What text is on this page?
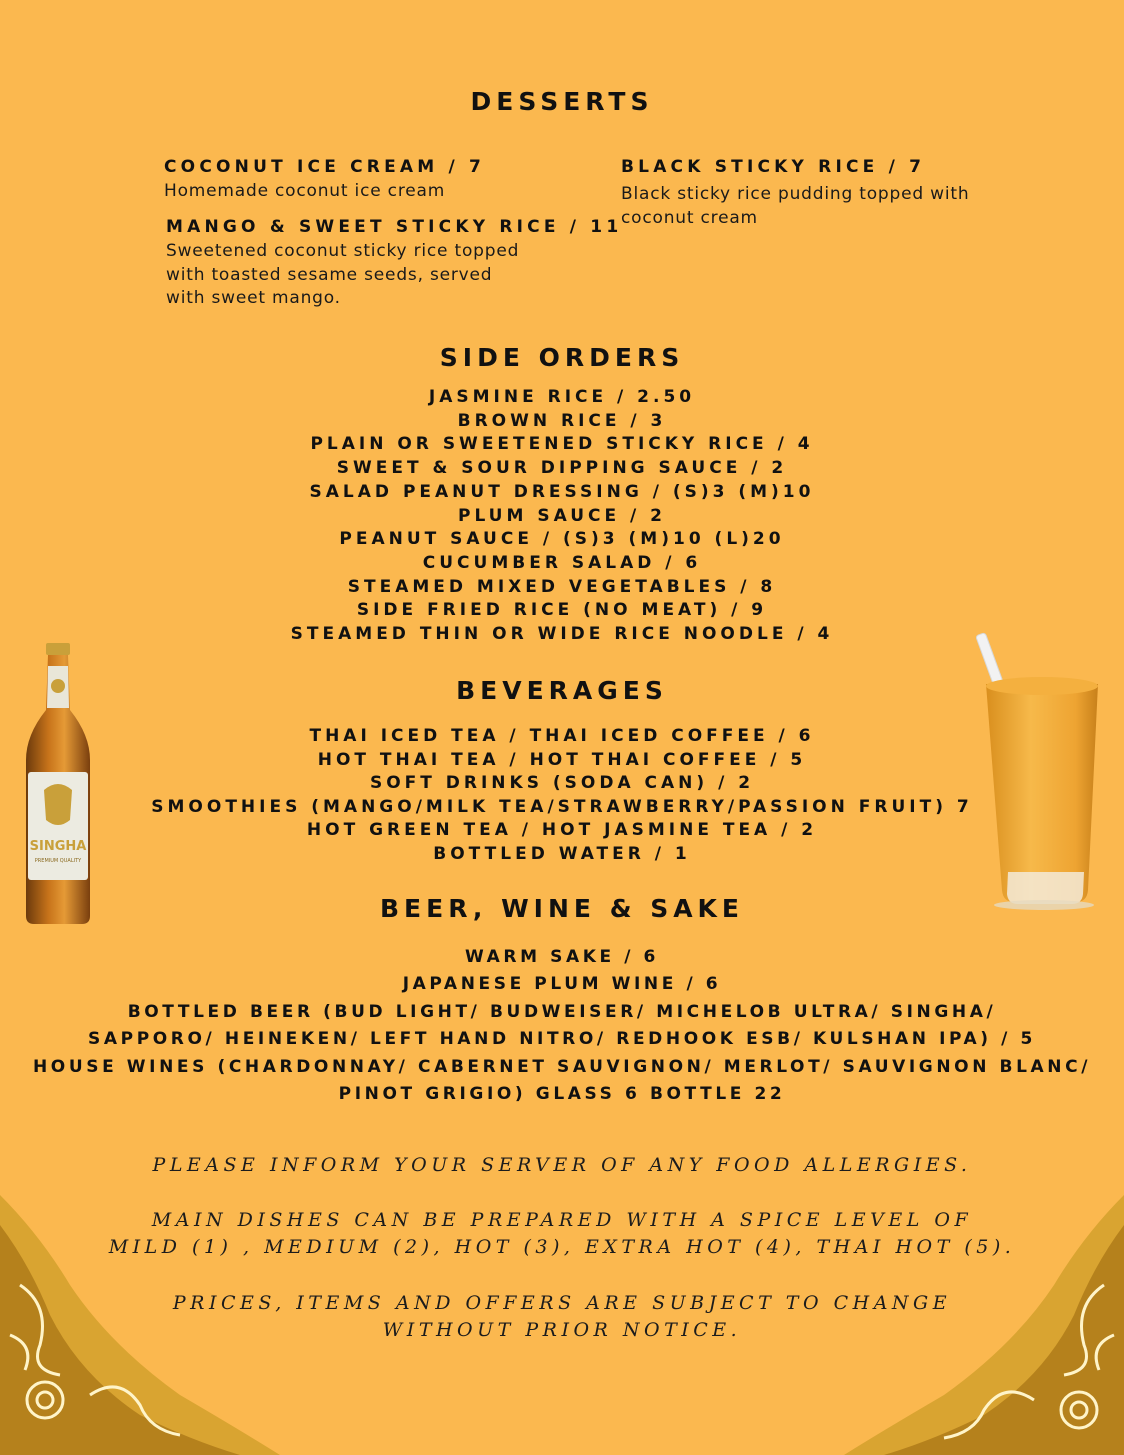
DESSERTS
COCONUT ICE CREAM / 7
Homemade coconut ice cream
MANGO & SWEET STICKY RICE / 11
Sweetened coconut sticky rice topped
with toasted sesame seeds, served
with sweet mango.
BLACK STICKY RICE / 7
Black sticky rice pudding topped with
coconut cream
SIDE ORDERS
JASMINE RICE / 2.50
BROWN RICE / 3
PLAIN OR SWEETENED STICKY RICE / 4
SWEET & SOUR DIPPING SAUCE / 2
SALAD PEANUT DRESSING / (S)3 (M)10
PLUM SAUCE / 2
PEANUT SAUCE / (S)3 (M)10 (L)20
CUCUMBER SALAD / 6
STEAMED MIXED VEGETABLES / 8
SIDE FRIED RICE (NO MEAT) / 9
STEAMED THIN OR WIDE RICE NOODLE / 4
BEVERAGES
THAI ICED TEA / THAI ICED COFFEE / 6
HOT THAI TEA / HOT THAI COFFEE / 5
SOFT DRINKS (SODA CAN) / 2
SMOOTHIES (MANGO/MILK TEA/STRAWBERRY/PASSION FRUIT) 7
HOT GREEN TEA / HOT JASMINE TEA / 2
BOTTLED WATER / 1
BEER, WINE & SAKE
WARM SAKE / 6
JAPANESE PLUM WINE / 6
BOTTLED BEER (BUD LIGHT/ BUDWEISER/ MICHELOB ULTRA/ SINGHA/
SAPPORO/ HEINEKEN/ LEFT HAND NITRO/ REDHOOK ESB/ KULSHAN IPA) / 5
HOUSE WINES (CHARDONNAY/ CABERNET SAUVIGNON/ MERLOT/ SAUVIGNON BLANC/
PINOT GRIGIO) GLASS 6 BOTTLE 22
PLEASE INFORM YOUR SERVER OF ANY FOOD ALLERGIES.
MAIN DISHES CAN BE PREPARED WITH A SPICE LEVEL OF
MILD (1) , MEDIUM (2), HOT (3), EXTRA HOT (4), THAI HOT (5).
PRICES, ITEMS AND OFFERS ARE SUBJECT TO CHANGE
WITHOUT PRIOR NOTICE.
SINGHA
PREMIUM QUALITY
